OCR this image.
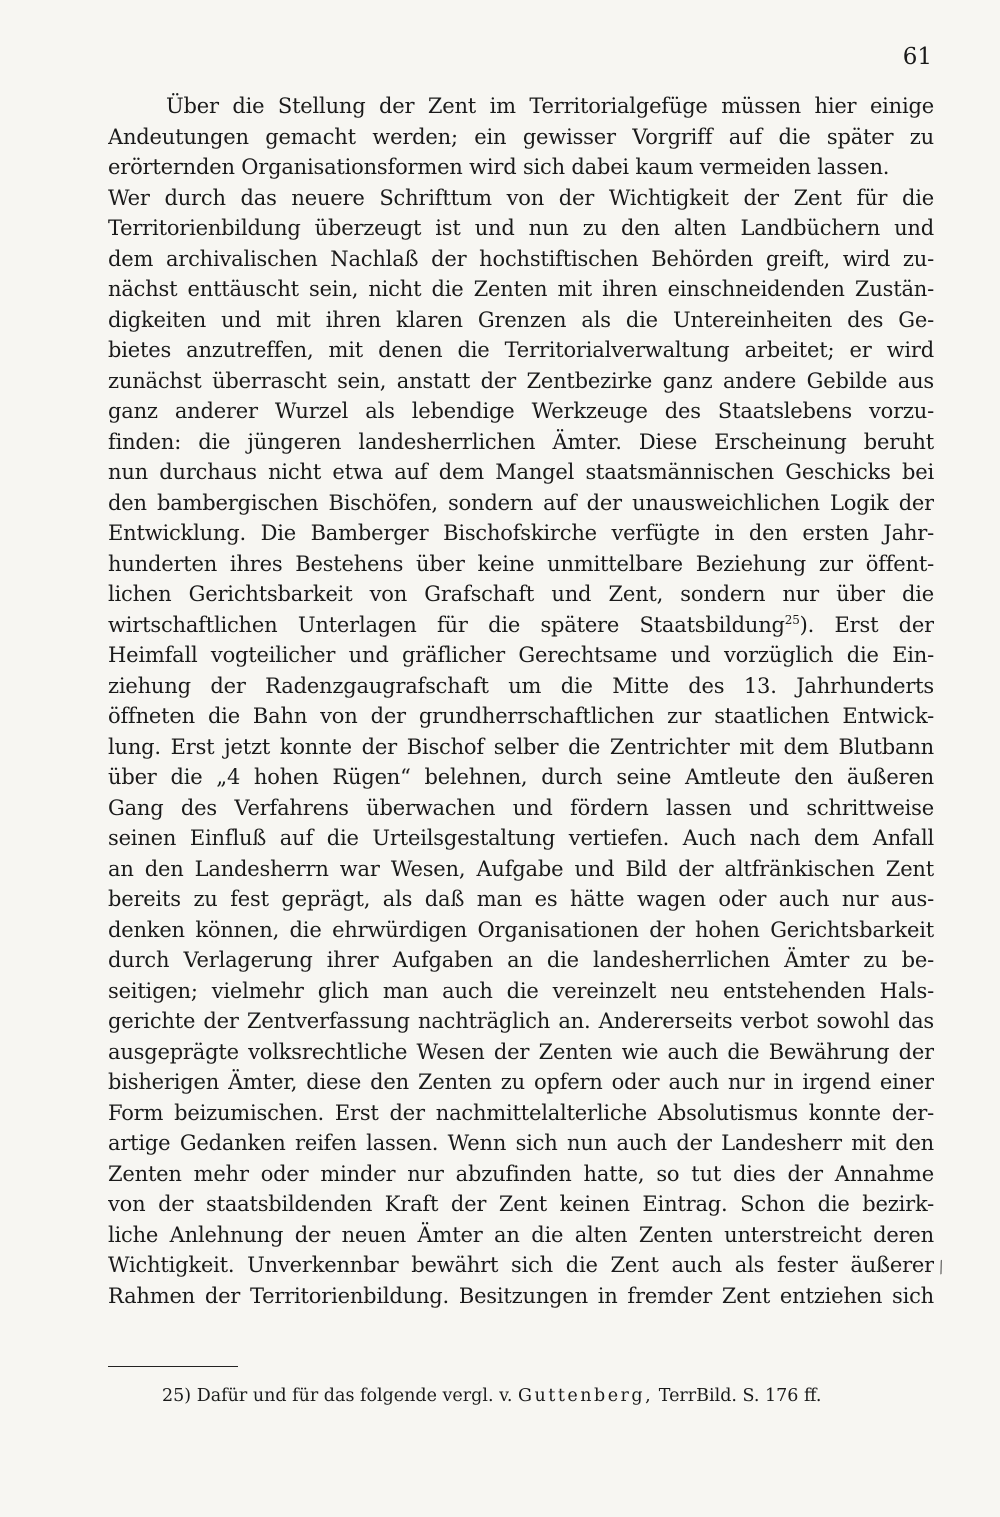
61
Über die Stellung der Zent im Territorialgefüge müssen hier einige
Andeutungen gemacht werden; ein gewisser Vorgriff auf die später zu
erörternden Organisationsformen wird sich dabei kaum vermeiden lassen.
Wer durch das neuere Schrifttum von der Wichtigkeit der Zent für die
Territorienbildung überzeugt ist und nun zu den alten Landbüchern und
dem archivalischen Nachlaß der hochstiftischen Behörden greift, wird zu-
nächst enttäuscht sein, nicht die Zenten mit ihren einschneidenden Zustän-
digkeiten und mit ihren klaren Grenzen als die Untereinheiten des Ge-
bietes anzutreffen, mit denen die Territorialverwaltung arbeitet; er wird
zunächst überrascht sein, anstatt der Zentbezirke ganz andere Gebilde aus
ganz anderer Wurzel als lebendige Werkzeuge des Staatslebens vorzu-
finden: die jüngeren landesherrlichen Ämter. Diese Erscheinung beruht
nun durchaus nicht etwa auf dem Mangel staatsmännischen Geschicks bei
den bambergischen Bischöfen, sondern auf der unausweichlichen Logik der
Entwicklung. Die Bamberger Bischofskirche verfügte in den ersten Jahr-
hunderten ihres Bestehens über keine unmittelbare Beziehung zur öffent-
lichen Gerichtsbarkeit von Grafschaft und Zent, sondern nur über die
wirtschaftlichen Unterlagen für die spätere Staatsbildung$^{25}$). Erst der
Heimfall vogteilicher und gräflicher Gerechtsame und vorzüglich die Ein-
ziehung der Radenzgaugrafschaft um die Mitte des 13. Jahrhunderts
öffneten die Bahn von der grundherrschaftlichen zur staatlichen Entwick-
lung. Erst jetzt konnte der Bischof selber die Zentrichter mit dem Blutbann
über die „4 hohen Rügen“ belehnen, durch seine Amtleute den äußeren
Gang des Verfahrens überwachen und fördern lassen und schrittweise
seinen Einfluß auf die Urteilsgestaltung vertiefen. Auch nach dem Anfall
an den Landesherrn war Wesen, Aufgabe und Bild der altfränkischen Zent
bereits zu fest geprägt, als daß man es hätte wagen oder auch nur aus-
denken können, die ehrwürdigen Organisationen der hohen Gerichtsbarkeit
durch Verlagerung ihrer Aufgaben an die landesherrlichen Ämter zu be-
seitigen; vielmehr glich man auch die vereinzelt neu entstehenden Hals-
gerichte der Zentverfassung nachträglich an. Andererseits verbot sowohl das
ausgeprägte volksrechtliche Wesen der Zenten wie auch die Bewährung der
bisherigen Ämter, diese den Zenten zu opfern oder auch nur in irgend einer
Form beizumischen. Erst der nachmittelalterliche Absolutismus konnte der-
artige Gedanken reifen lassen. Wenn sich nun auch der Landesherr mit den
Zenten mehr oder minder nur abzufinden hatte, so tut dies der Annahme
von der staatsbildenden Kraft der Zent keinen Eintrag. Schon die bezirk-
liche Anlehnung der neuen Ämter an die alten Zenten unterstreicht deren
Wichtigkeit. Unverkennbar bewährt sich die Zent auch als fester äußerer
Rahmen der Territorienbildung. Besitzungen in fremder Zent entziehen sich
⁄
25) Dafür und für das folgende vergl. v. Guttenberg, TerrBild. S. 176 ff.
